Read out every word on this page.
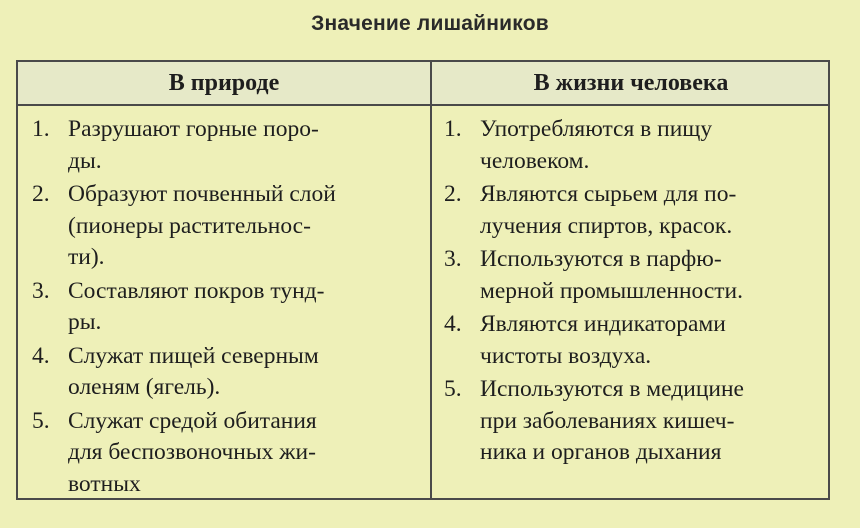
Значение лишайников
В природе	В жизни человека
1. Разрушают горные поро-
ды.
2. Образуют почвенный слой
(пионеры растительнос-
ти).
3. Составляют покров тунд-
ры.
4. Служат пищей северным
оленям (ягель).
5. Служат средой обитания
для беспозвоночных жи-
вотных
1. Употребляются в пищу
человеком.
2. Являются сырьем для по-
лучения спиртов, красок.
3. Используются в парфю-
мерной промышленности.
4. Являются индикаторами
чистоты воздуха.
5. Используются в медицине
при заболеваниях кишеч-
ника и органов дыхания
